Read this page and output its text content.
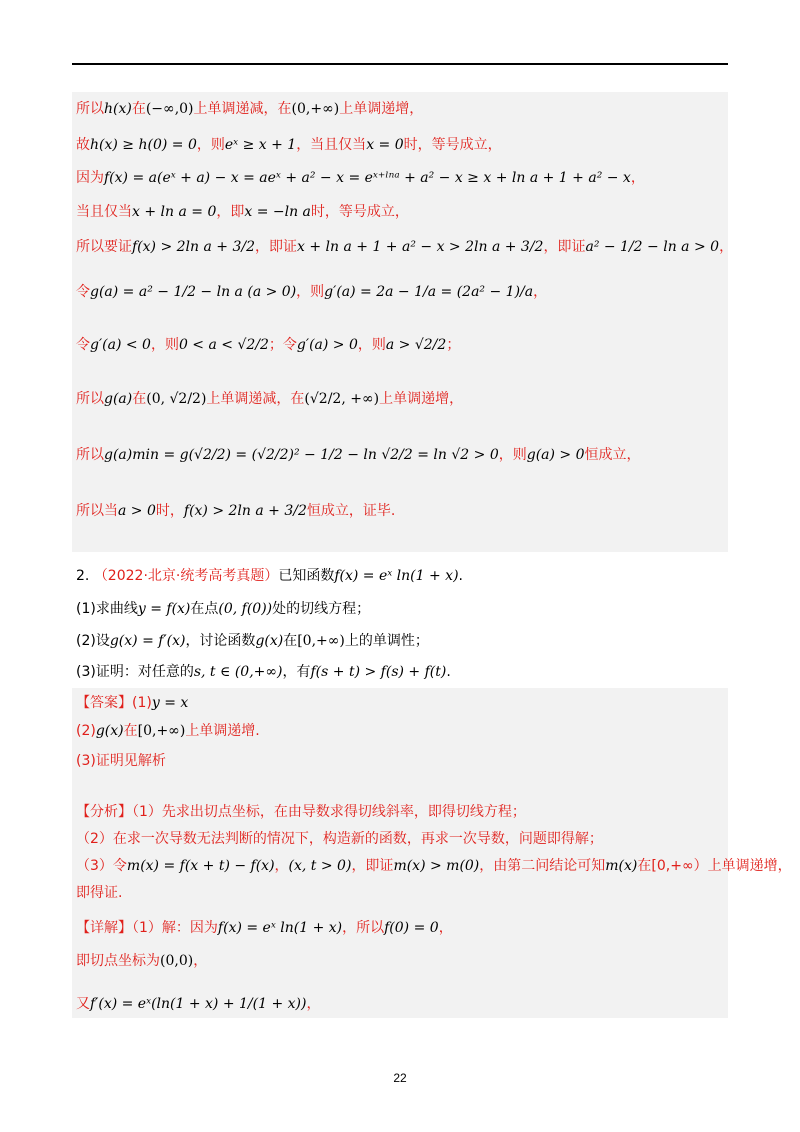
所以h(x)在(−∞,0)上单调递减，在(0,+∞)上单调递增，
故h(x) ≥ h(0) = 0，则eˣ ≥ x + 1，当且仅当x = 0时，等号成立，
因为f(x) = a(eˣ + a) − x = aeˣ + a² − x = eˣ⁺ˡⁿᵃ + a² − x ≥ x + ln a + 1 + a² − x，
当且仅当x + ln a = 0，即x = −ln a时，等号成立，
所以要证f(x) > 2ln a + 3/2，即证x + ln a + 1 + a² − x > 2ln a + 3/2，即证a² − 1/2 − ln a > 0，
令g(a) = a² − 1/2 − ln a (a > 0)，则g′(a) = 2a − 1/a = (2a² − 1)/a，
令g′(a) < 0，则0 < a < √2/2；令g′(a) > 0，则a > √2/2；
所以g(a)在(0, √2/2)上单调递减，在(√2/2, +∞)上单调递增，
所以g(a)min = g(√2/2) = (√2/2)² − 1/2 − ln √2/2 = ln √2 > 0，则g(a) > 0恒成立，
所以当a > 0时，f(x) > 2ln a + 3/2恒成立，证毕.
2. （2022·北京·统考高考真题）已知函数f(x) = eˣ ln(1 + x).
(1)求曲线y = f(x)在点(0, f(0))处的切线方程；
(2)设g(x) = f′(x)，讨论函数g(x)在[0,+∞)上的单调性；
(3)证明：对任意的s, t ∈ (0,+∞)，有f(s + t) > f(s) + f(t).
【答案】(1)y = x
(2)g(x)在[0,+∞)上单调递增.
(3)证明见解析
【分析】（1）先求出切点坐标，在由导数求得切线斜率，即得切线方程；
（2）在求一次导数无法判断的情况下，构造新的函数，再求一次导数，问题即得解；
（3）令m(x) = f(x + t) − f(x)，(x, t > 0)，即证m(x) > m(0)，由第二问结论可知m(x)在[0,+∞）上单调递增，
即得证.
【详解】（1）解：因为f(x) = eˣ ln(1 + x)，所以f(0) = 0，
即切点坐标为(0,0)，
又f′(x) = eˣ(ln(1 + x) + 1/(1 + x))，
22
